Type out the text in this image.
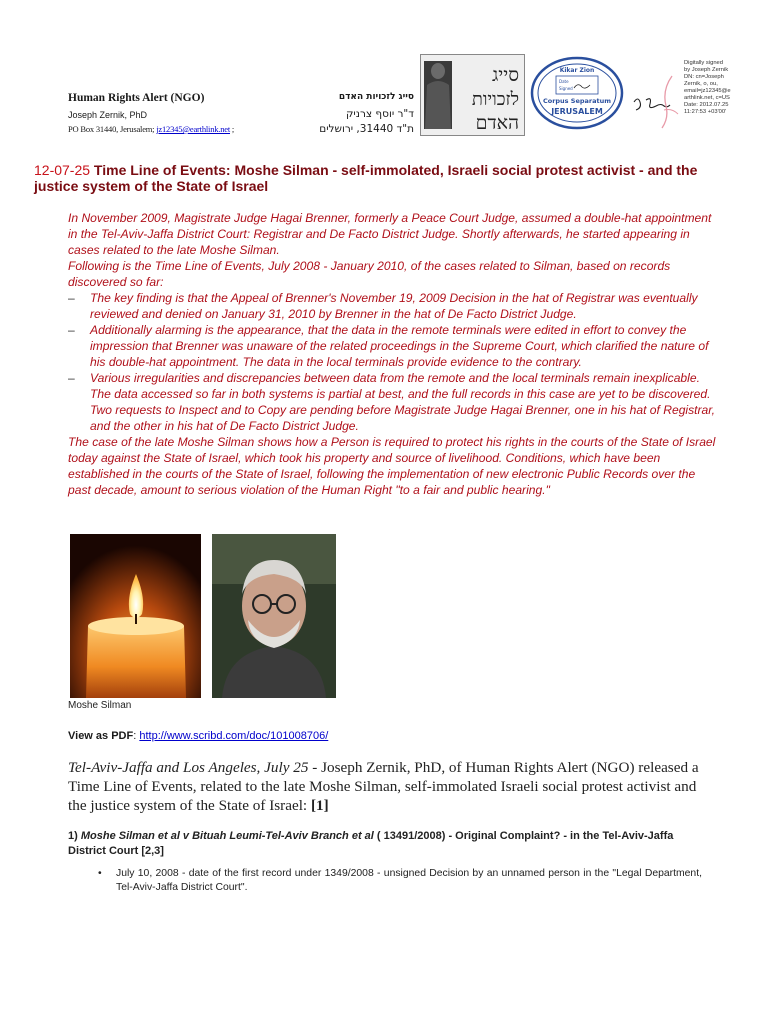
Human Rights Alert (NGO)
Joseph Zernik, PhD
PO Box 31440, Jerusalem; jz12345@earthlink.net ;
סייג לזכויות האדם
ד"ר יוסף צרניק
ת"ד 31440, ירושלים
סייג
לזכויות
האדם
Kikar Zion
Date
Signed
Corpus Separatum
JERUSALEM
Digitally signed
by Joseph Zernik
DN: cn=Joseph
Zernik, o, ou,
email=jz12345@e
arthlink.net, c=US
Date: 2012.07.25
11:27:53 +03'00'
12-07-25 Time Line of Events: Moshe Silman - self-immolated, Israeli social protest activist - and the justice system of the State of Israel

In November 2009, Magistrate Judge Hagai Brenner, formerly a Peace Court Judge, assumed a double-hat appointment in the Tel-Aviv-Jaffa District Court: Registrar and De Facto District Judge. Shortly afterwards, he started appearing in cases related to the late Moshe Silman.

Following is the Time Line of Events, July 2008 - January 2010, of the cases related to Silman, based on records discovered so far:

– The key finding is that the Appeal of Brenner's November 19, 2009 Decision in the hat of Registrar was eventually reviewed and denied on January 31, 2010 by Brenner in the hat of De Facto District Judge.
– Additionally alarming is the appearance, that the data in the remote terminals were edited in effort to convey the impression that Brenner was unaware of the related proceedings in the Supreme Court, which clarified the nature of his double-hat appointment. The data in the local terminals provide evidence to the contrary.
– Various irregularities and discrepancies between data from the remote and the local terminals remain inexplicable. The data accessed so far in both systems is partial at best, and the full records in this case are yet to be discovered. Two requests to Inspect and to Copy are pending before Magistrate Judge Hagai Brenner, one in his hat of Registrar, and the other in his hat of De Facto District Judge.

The case of the late Moshe Silman shows how a Person is required to protect his rights in the courts of the State of Israel today against the State of Israel, which took his property and source of livelihood. Conditions, which have been established in the courts of the State of Israel, following the implementation of new electronic Public Records over the past decade, amount to serious violation of the Human Right "to a fair and public hearing."

Moshe Silman
View as PDF: http://www.scribd.com/doc/101008706/
Tel-Aviv-Jaffa and Los Angeles, July 25 - Joseph Zernik, PhD, of Human Rights Alert (NGO) released a Time Line of Events, related to the late Moshe Silman, self-immolated Israeli social protest activist and the justice system of the State of Israel: [1]
1) Moshe Silman et al v Bituah Leumi-Tel-Aviv Branch et al ( 13491/2008) - Original Complaint? - in the Tel-Aviv-Jaffa District Court [2,3]
•	July 10, 2008 - date of the first record under 1349/2008 - unsigned Decision by an unnamed person in the "Legal Department, Tel-Aviv-Jaffa District Court".
